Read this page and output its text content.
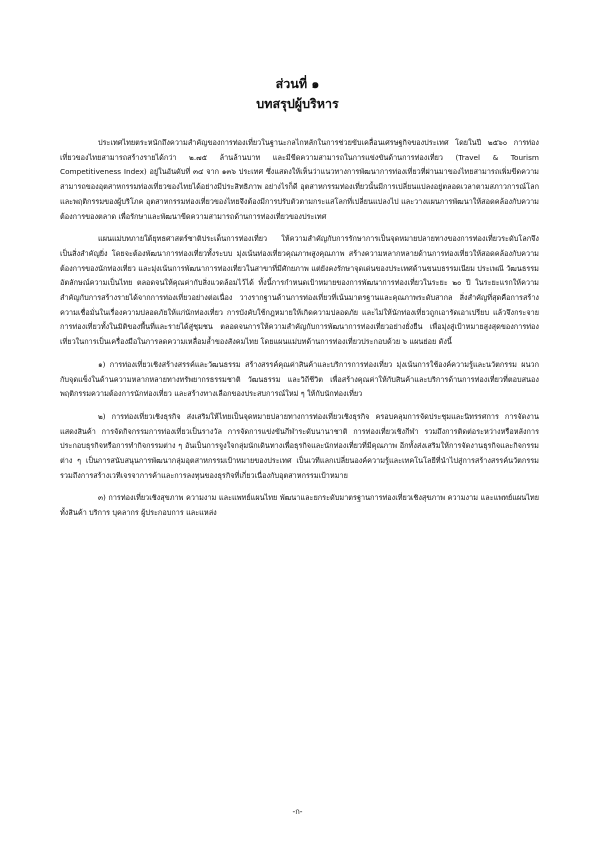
ส่วนที่ ๑
บทสรุปผู้บริหาร

ประเทศไทยตระหนักถึงความสำคัญของการท่องเที่ยวในฐานะกลไกหลักในการช่วยขับเคลื่อนเศรษฐกิจของประเทศ โดยในปี ๒๕๖๐ การท่องเที่ยวของไทยสามารถสร้างรายได้กว่า ๒.๗๕ ล้านล้านบาท และมีขีดความสามารถในการแข่งขันด้านการท่องเที่ยว (Travel & Tourism Competitiveness Index) อยู่ในอันดับที่ ๓๔ จาก ๑๓๖ ประเทศ ซึ่งแสดงให้เห็นว่าแนวทางการพัฒนาการท่องเที่ยวที่ผ่านมาของไทยสามารถเพิ่มขีดความสามารถของอุตสาหกรรมท่องเที่ยวของไทยได้อย่างมีประสิทธิภาพ อย่างไรก็ดี อุตสาหกรรมท่องเที่ยวนั้นมีการเปลี่ยนแปลงอยู่ตลอดเวลาตามสภาวการณ์โลกและพฤติกรรมของผู้บริโภค อุตสาหกรรมท่องเที่ยวของไทยจึงต้องมีการปรับตัวตามกระแสโลกที่เปลี่ยนแปลงไป และวางแผนการพัฒนาให้สอดคล้องกับความต้องการของตลาด เพื่อรักษาและพัฒนาขีดความสามารถด้านการท่องเที่ยวของประเทศ

แผนแม่บทภายใต้ยุทธศาสตร์ชาติประเด็นการท่องเที่ยว ให้ความสำคัญกับการรักษาการเป็นจุดหมายปลายทางของการท่องเที่ยวระดับโลกจึงเป็นสิ่งสำคัญยิ่ง โดยจะต้องพัฒนาการท่องเที่ยวทั้งระบบ มุ่งเน้นท่องเที่ยวคุณภาพสูงคุณภาพ สร้างความหลากหลายด้านการท่องเที่ยวให้สอดคล้องกับความต้องการของนักท่องเที่ยว และมุ่งเน้นการพัฒนาการท่องเที่ยวในสาขาที่มีศักยภาพ แต่ยังคงรักษาจุดเด่นของประเทศด้านขนบธรรมเนียม ประเพณี วัฒนธรรม อัตลักษณ์ความเป็นไทย ตลอดจนให้คุณค่ากับสิ่งแวดล้อมไว้ได้ ทั้งนี้การกำหนดเป้าหมายของการพัฒนาการท่องเที่ยวในระยะ ๒๐ ปี ในระยะแรกให้ความสำคัญกับการสร้างรายได้จากการท่องเที่ยวอย่างต่อเนื่อง วางรากฐานด้านการท่องเที่ยวที่เน้นมาตรฐานและคุณภาพระดับสากล สิ่งสำคัญที่สุดคือการสร้างความเชื่อมั่นในเรื่องความปลอดภัยให้แก่นักท่องเที่ยว การบังคับใช้กฎหมายให้เกิดความปลอดภัย และไม่ให้นักท่องเที่ยวถูกเอารัดเอาเปรียบ แล้วจึงกระจายการท่องเที่ยวทั้งในมิติของพื้นที่และรายได้สู่ชุมชน ตลอดจนการให้ความสำคัญกับการพัฒนาการท่องเที่ยวอย่างยั่งยืน เพื่อมุ่งสู่เป้าหมายสูงสุดของการท่องเที่ยวในการเป็นเครื่องมือในการลดความเหลื่อมล้ำของสังคมไทย โดยแผนแม่บทด้านการท่องเที่ยวประกอบด้วย ๖ แผนย่อย ดังนี้

๑) การท่องเที่ยวเชิงสร้างสรรค์และวัฒนธรรม สร้างสรรค์คุณค่าสินค้าและบริการการท่องเที่ยว มุ่งเน้นการใช้องค์ความรู้และนวัตกรรม ผนวกกับจุดแข็งในด้านความหลากหลายทางทรัพยากรธรรมชาติ วัฒนธรรม และวิถีชีวิต เพื่อสร้างคุณค่าให้กับสินค้าและบริการด้านการท่องเที่ยวที่ตอบสนองพฤติกรรมความต้องการนักท่องเที่ยว และสร้างทางเลือกของประสบการณ์ใหม่ ๆ ให้กับนักท่องเที่ยว

๒) การท่องเที่ยวเชิงธุรกิจ ส่งเสริมให้ไทยเป็นจุดหมายปลายทางการท่องเที่ยวเชิงธุรกิจ ครอบคลุมการจัดประชุมและนิทรรศการ การจัดงานแสดงสินค้า การจัดกิจกรรมการท่องเที่ยวเป็นรางวัล การจัดการแข่งขันกีฬาระดับนานาชาติ การท่องเที่ยวเชิงกีฬา รวมถึงการติดต่อระหว่างหรือหลังการประกอบธุรกิจหรือการทำกิจกรรมต่าง ๆ อันเป็นการจูงใจกลุ่มนักเดินทางเพื่อธุรกิจและนักท่องเที่ยวที่มีคุณภาพ อีกทั้งส่งเสริมให้การจัดงานธุรกิจและกิจกรรมต่าง ๆ เป็นการสนับสนุนการพัฒนากลุ่มอุตสาหกรรมเป้าหมายของประเทศ เป็นเวทีแลกเปลี่ยนองค์ความรู้และเทคโนโลยีที่นำไปสู่การสร้างสรรค์นวัตกรรม รวมถึงการสร้างเวทีเจรจาการค้าและการลงทุนของธุรกิจที่เกี่ยวเนื่องกับอุตสาหกรรมเป้าหมาย

๓) การท่องเที่ยวเชิงสุขภาพ ความงาม และแพทย์แผนไทย พัฒนาและยกระดับมาตรฐานการท่องเที่ยวเชิงสุขภาพ ความงาม และแพทย์แผนไทย ทั้งสินค้า บริการ บุคลากร ผู้ประกอบการ และแหล่ง

-ก-
